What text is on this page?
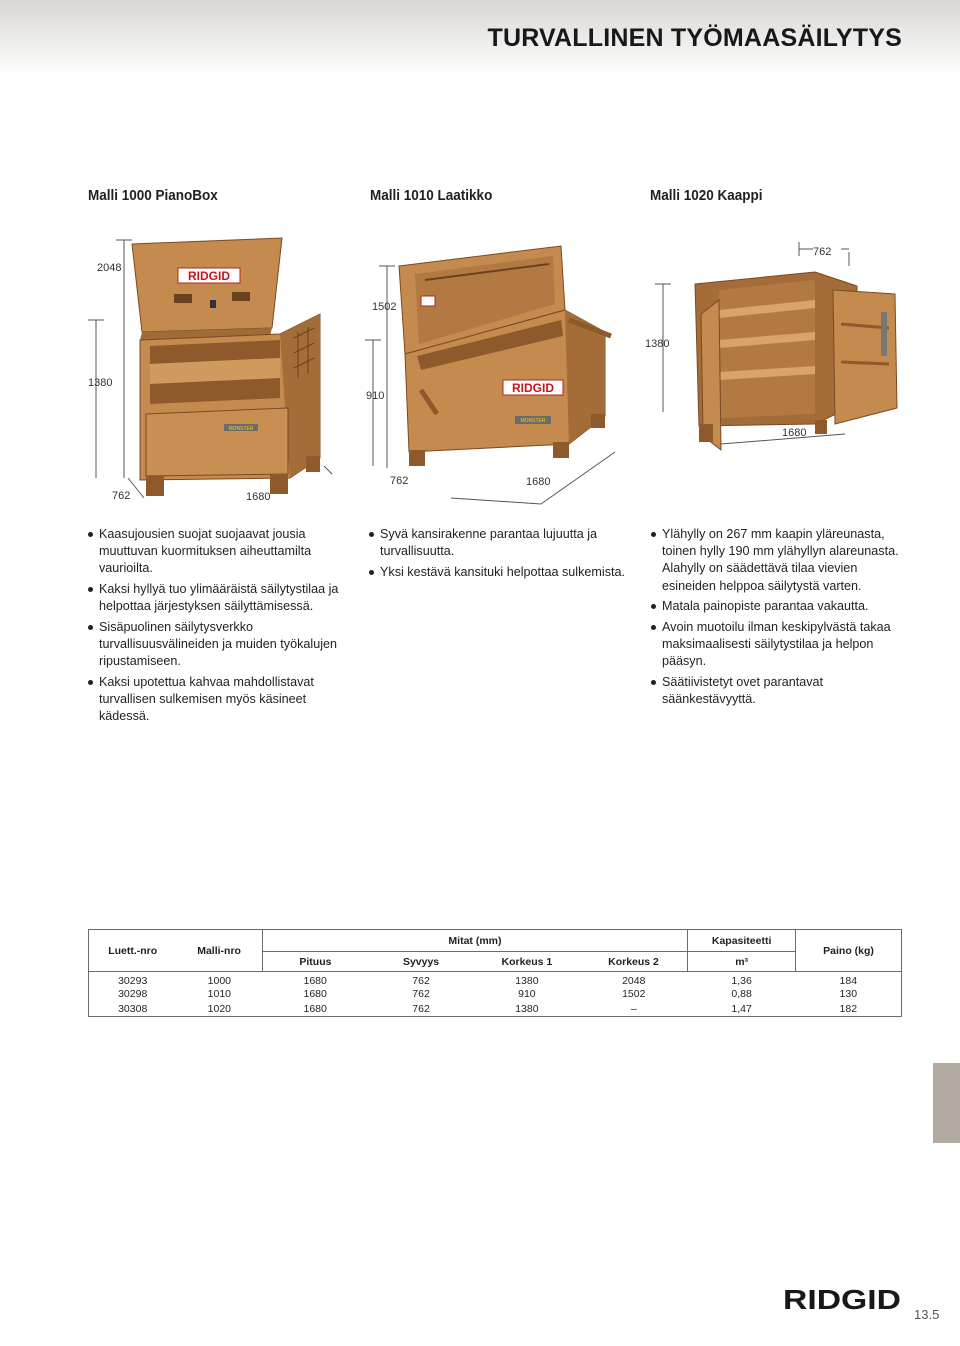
TURVALLINEN TYÖMAASÄILYTYS
Malli 1000 PianoBox	Malli 1010 Laatikko	Malli 1020 Kaappi
RIDGID
MONSTER
2048
1380
762	1680
RIDGID
MONSTER
1502
910
762	1680
762
1380
1680
Kaasujousien suojat suojaavat jousia muuttuvan kuormituksen aiheuttamilta vaurioilta.
Kaksi hyllyä tuo ylimääräistä säilytystilaa ja helpottaa järjestyksen säilyttämisessä.
Sisäpuolinen säilytysverkko turvallisuusvälineiden ja muiden työkalujen ripustamiseen.
Kaksi upotettua kahvaa mahdollistavat turvallisen sulkemisen myös käsineet kädessä.
Syvä kansirakenne parantaa lujuutta ja turvallisuutta.
Yksi kestävä kansituki helpottaa sulkemista.
Ylähylly on 267 mm kaapin yläreunasta, toinen hylly 190 mm ylähyllyn alareunasta. Alahylly on säädettävä tilaa vievien esineiden helppoa säilytystä varten.
Matala painopiste parantaa vakautta.
Avoin muotoilu ilman keskipylvästä takaa maksimaalisesti säilytystilaa ja helpon pääsyn.
Säätiivistetyt ovet parantavat säänkestävyyttä.
Luett.-nro	Malli-nro	Mitat (mm)				Kapasiteetti	Paino (kg)
		Pituus	Syvyys	Korkeus 1	Korkeus 2	m³	
30293	1000	1680	762	1380	2048	1,36	184
30298	1010	1680	762	910	1502	0,88	130
30308	1020	1680	762	1380	–	1,47	182
RIDGID 13.5
